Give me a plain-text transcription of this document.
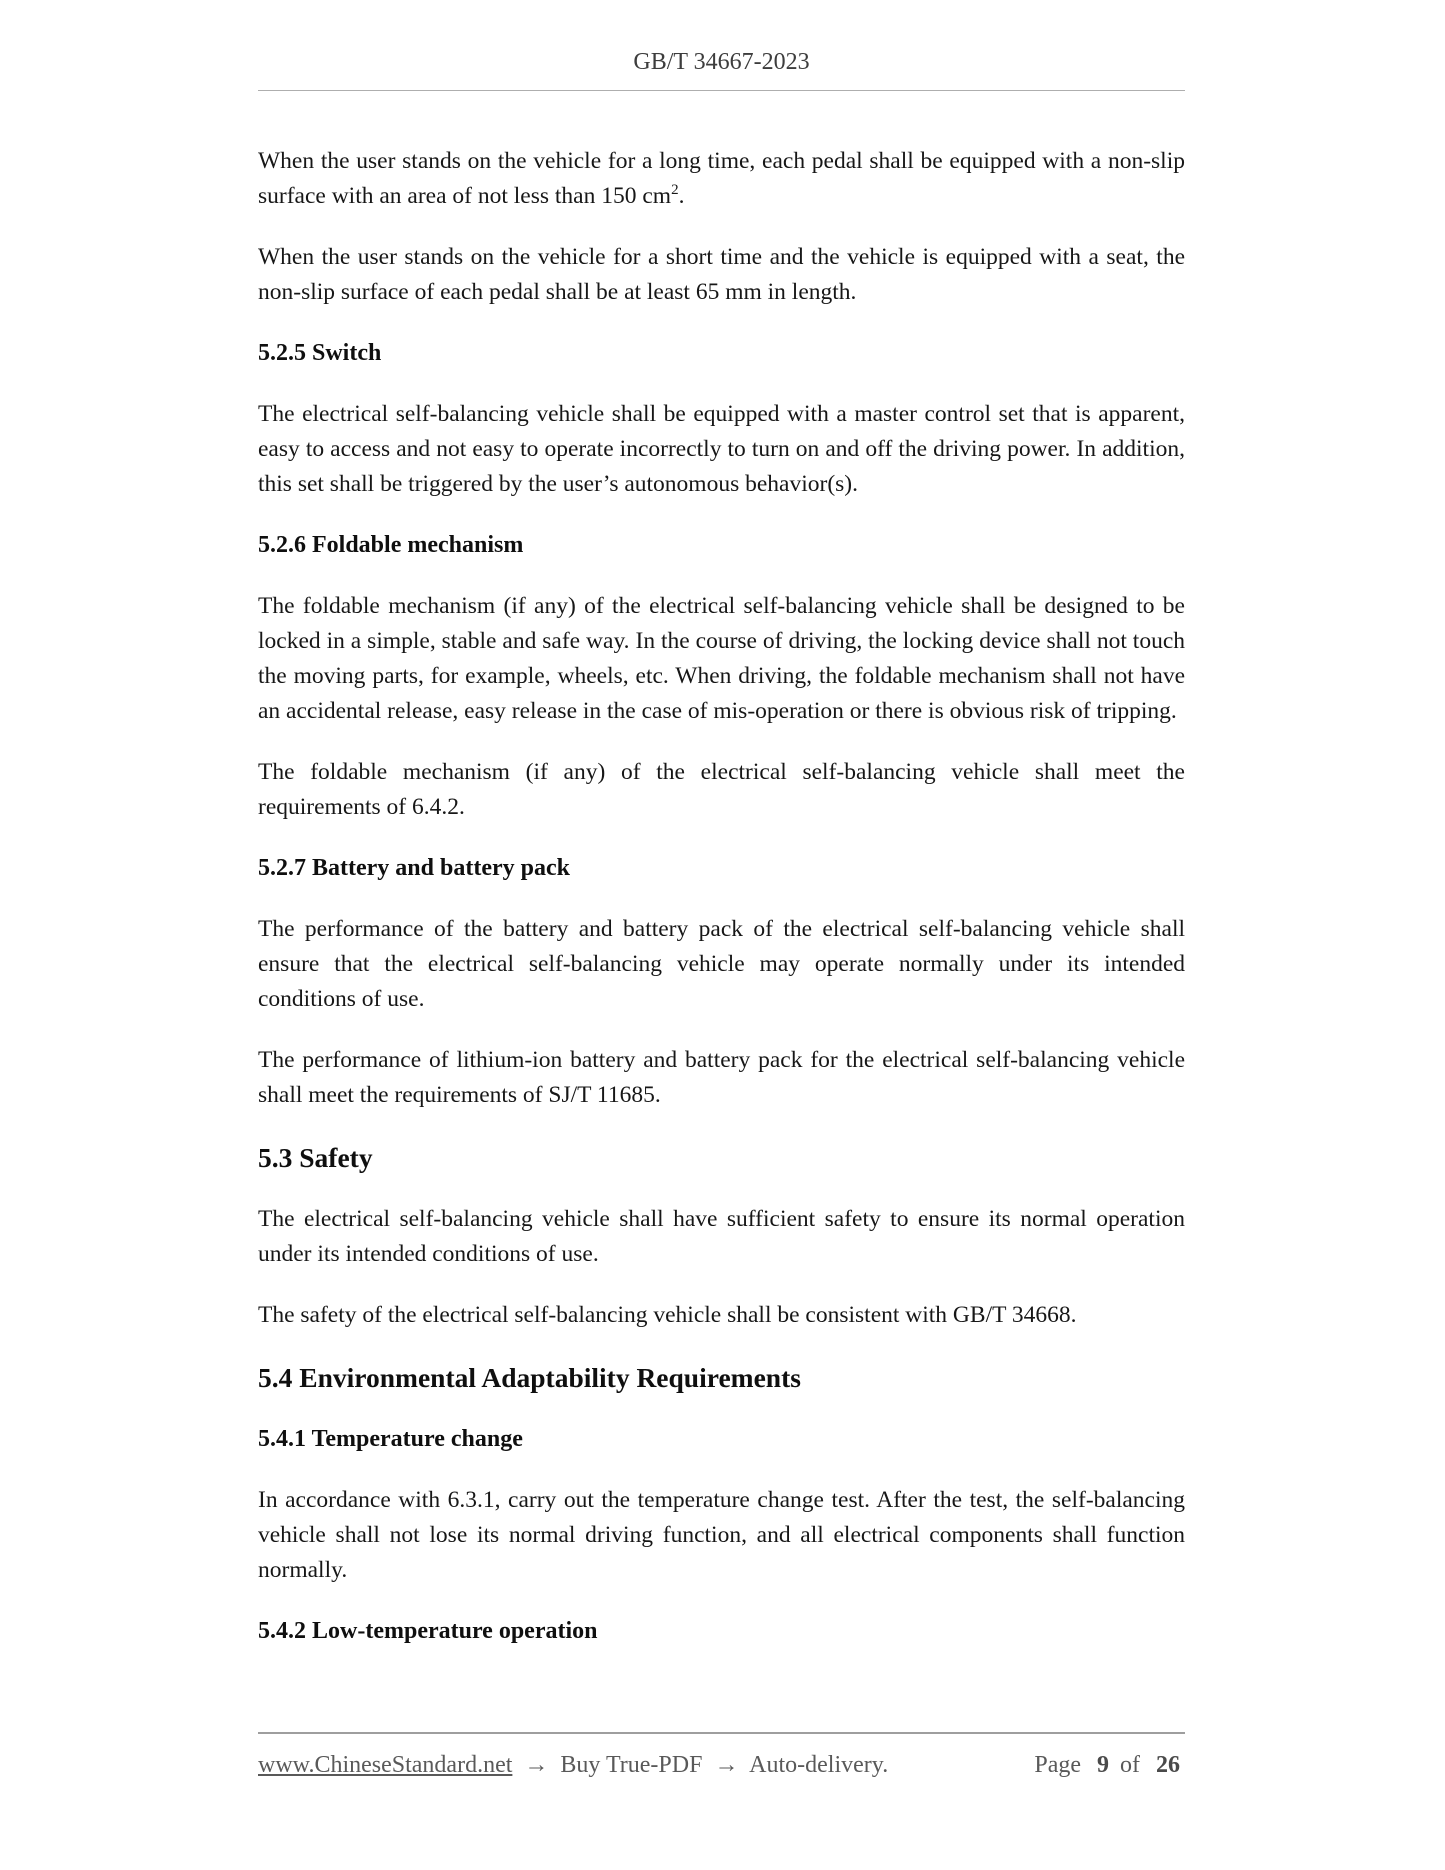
GB/T 34667-2023

When the user stands on the vehicle for a long time, each pedal shall be equipped with a non-slip surface with an area of not less than 150 $cm^2$.

When the user stands on the vehicle for a short time and the vehicle is equipped with a seat, the non-slip surface of each pedal shall be at least 65 mm in length.

5.2.5 Switch

The electrical self-balancing vehicle shall be equipped with a master control set that is apparent, easy to access and not easy to operate incorrectly to turn on and off the driving power. In addition, this set shall be triggered by the user’s autonomous behavior(s).

5.2.6 Foldable mechanism

The foldable mechanism (if any) of the electrical self-balancing vehicle shall be designed to be locked in a simple, stable and safe way. In the course of driving, the locking device shall not touch the moving parts, for example, wheels, etc. When driving, the foldable mechanism shall not have an accidental release, easy release in the case of mis-operation or there is obvious risk of tripping.

The foldable mechanism (if any) of the electrical self-balancing vehicle shall meet the requirements of 6.4.2.

5.2.7 Battery and battery pack

The performance of the battery and battery pack of the electrical self-balancing vehicle shall ensure that the electrical self-balancing vehicle may operate normally under its intended conditions of use.

The performance of lithium-ion battery and battery pack for the electrical self-balancing vehicle shall meet the requirements of SJ/T 11685.

5.3 Safety

The electrical self-balancing vehicle shall have sufficient safety to ensure its normal operation under its intended conditions of use.

The safety of the electrical self-balancing vehicle shall be consistent with GB/T 34668.

5.4 Environmental Adaptability Requirements
5.4.1 Temperature change

In accordance with 6.3.1, carry out the temperature change test. After the test, the self-balancing vehicle shall not lose its normal driving function, and all electrical components shall function normally.

5.4.2 Low-temperature operation
www.ChineseStandard.net → Buy True-PDF → Auto-delivery.	Page 9 of 26
